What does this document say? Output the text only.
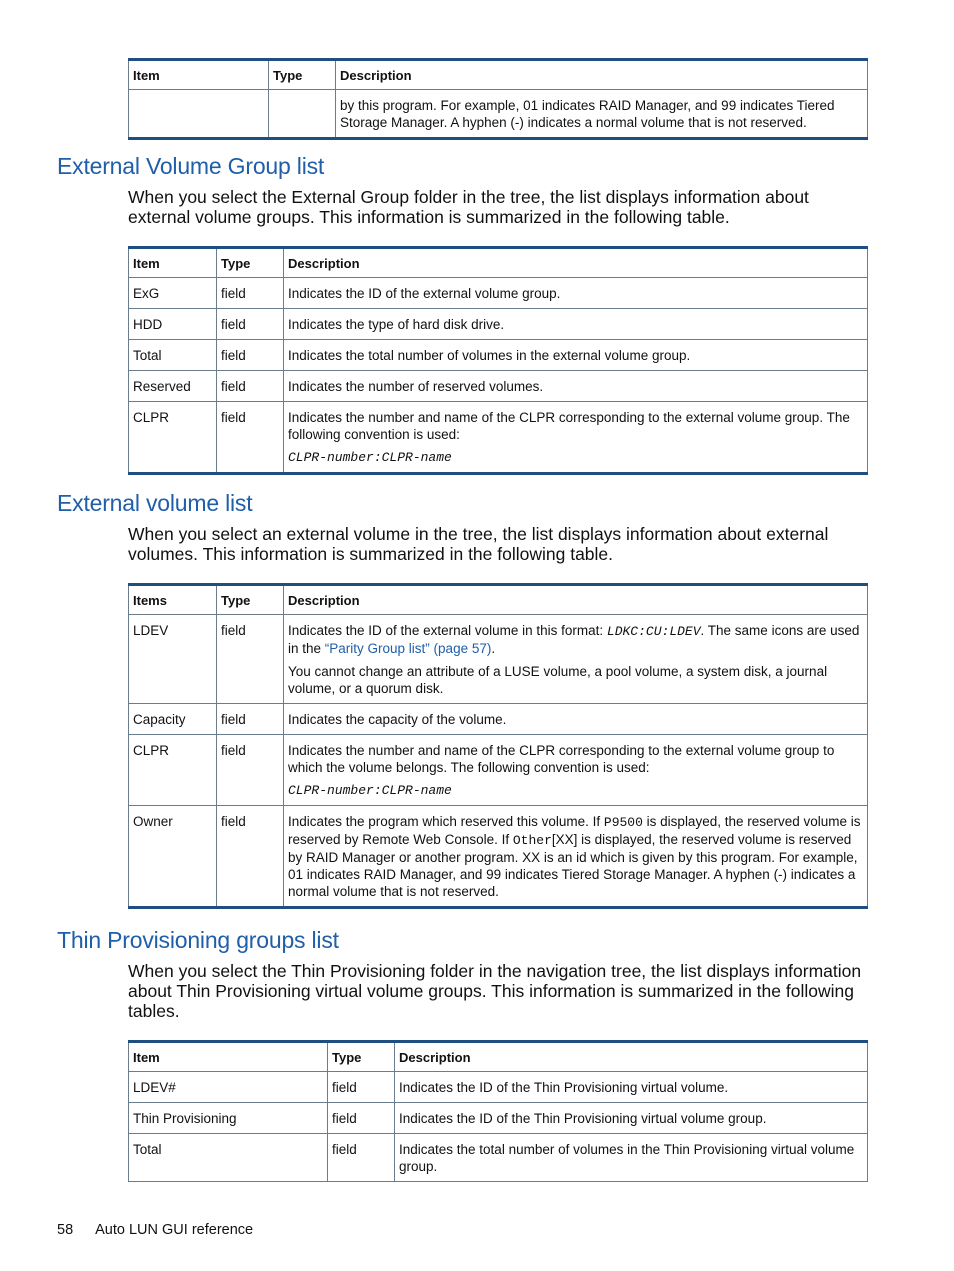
Item	Type	Description
		by this program. For example, 01 indicates RAID Manager, and 99 indicates Tiered Storage Manager. A hyphen (-) indicates a normal volume that is not reserved.
External Volume Group list

When you select the External Group folder in the tree, the list displays information about external volume groups. This information is summarized in the following table.

Item	Type	Description
ExG	field	Indicates the ID of the external volume group.
HDD	field	Indicates the type of hard disk drive.
Total	field	Indicates the total number of volumes in the external volume group.
Reserved	field	Indicates the number of reserved volumes.
CLPR	field	Indicates the number and name of the CLPR corresponding to the external volume group. The following convention is used:
CLPR-number:CLPR-name
External volume list

When you select an external volume in the tree, the list displays information about external volumes. This information is summarized in the following table.

Items	Type	Description
LDEV	field	Indicates the ID of the external volume in this format: LDKC:CU:LDEV. The same icons are used in the “Parity Group list” (page 57).
You cannot change an attribute of a LUSE volume, a pool volume, a system disk, a journal volume, or a quorum disk.

Capacity	field	Indicates the capacity of the volume.
CLPR	field	Indicates the number and name of the CLPR corresponding to the external volume group to which the volume belongs. The following convention is used:
CLPR-number:CLPR-name

Owner	field	Indicates the program which reserved this volume. If P9500 is displayed, the reserved volume is reserved by Remote Web Console. If Other[XX] is displayed, the reserved volume is reserved by RAID Manager or another program. XX is an id which is given by this program. For example, 01 indicates RAID Manager, and 99 indicates Tiered Storage Manager. A hyphen (-) indicates a normal volume that is not reserved.
Thin Provisioning groups list

When you select the Thin Provisioning folder in the navigation tree, the list displays information about Thin Provisioning virtual volume groups. This information is summarized in the following tables.

Item	Type	Description
LDEV#	field	Indicates the ID of the Thin Provisioning virtual volume.
Thin Provisioning	field	Indicates the ID of the Thin Provisioning virtual volume group.
Total	field	Indicates the total number of volumes in the Thin Provisioning virtual volume group.
58 Auto LUN GUI reference
